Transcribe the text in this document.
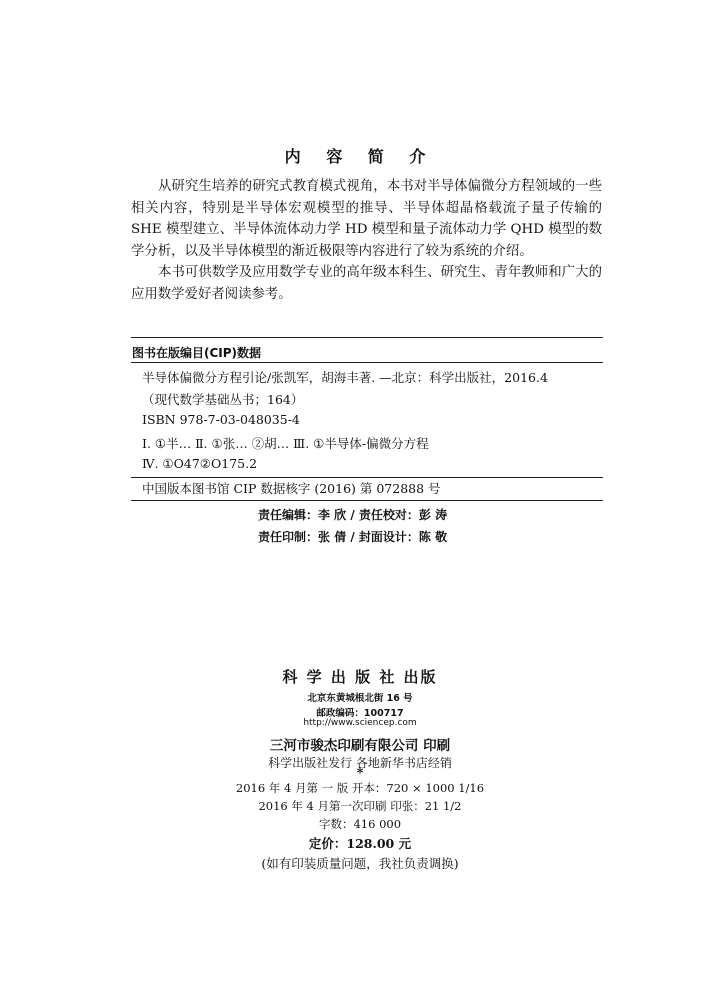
内 容 简 介

从研究生培养的研究式教育模式视角，本书对半导体偏微分方程领域的一些相关内容，特别是半导体宏观模型的推导、半导体超晶格载流子量子传输的 SHE 模型建立、半导体流体动力学 HD 模型和量子流体动力学 QHD 模型的数学分析，以及半导体模型的渐近极限等内容进行了较为系统的介绍。

本书可供数学及应用数学专业的高年级本科生、研究生、青年教师和广大的应用数学爱好者阅读参考。

图书在版编目(CIP)数据
半导体偏微分方程引论/张凯军，胡海丰著. —北京：科学出版社，2016.4
（现代数学基础丛书；164）
ISBN 978-7-03-048035-4
Ⅰ. ①半… Ⅱ. ①张… ②胡… Ⅲ. ①半导体-偏微分方程
Ⅳ. ①O47②O175.2
中国版本图书馆 CIP 数据核字 (2016) 第 072888 号
责任编辑：李 欣 / 责任校对：彭 涛
责任印制：张 倩 / 封面设计：陈 敬
科 学 出 版 社 出版
北京东黄城根北街 16 号
邮政编码：100717
http://www.sciencep.com
三河市骏杰印刷有限公司 印刷
科学出版社发行 各地新华书店经销
*
2016 年 4 月第 一 版 开本：720 × 1000 1/16
2016 年 4 月第一次印刷 印张：21 1/2
字数：416 000
定价：128.00 元
(如有印装质量问题，我社负责调换)
